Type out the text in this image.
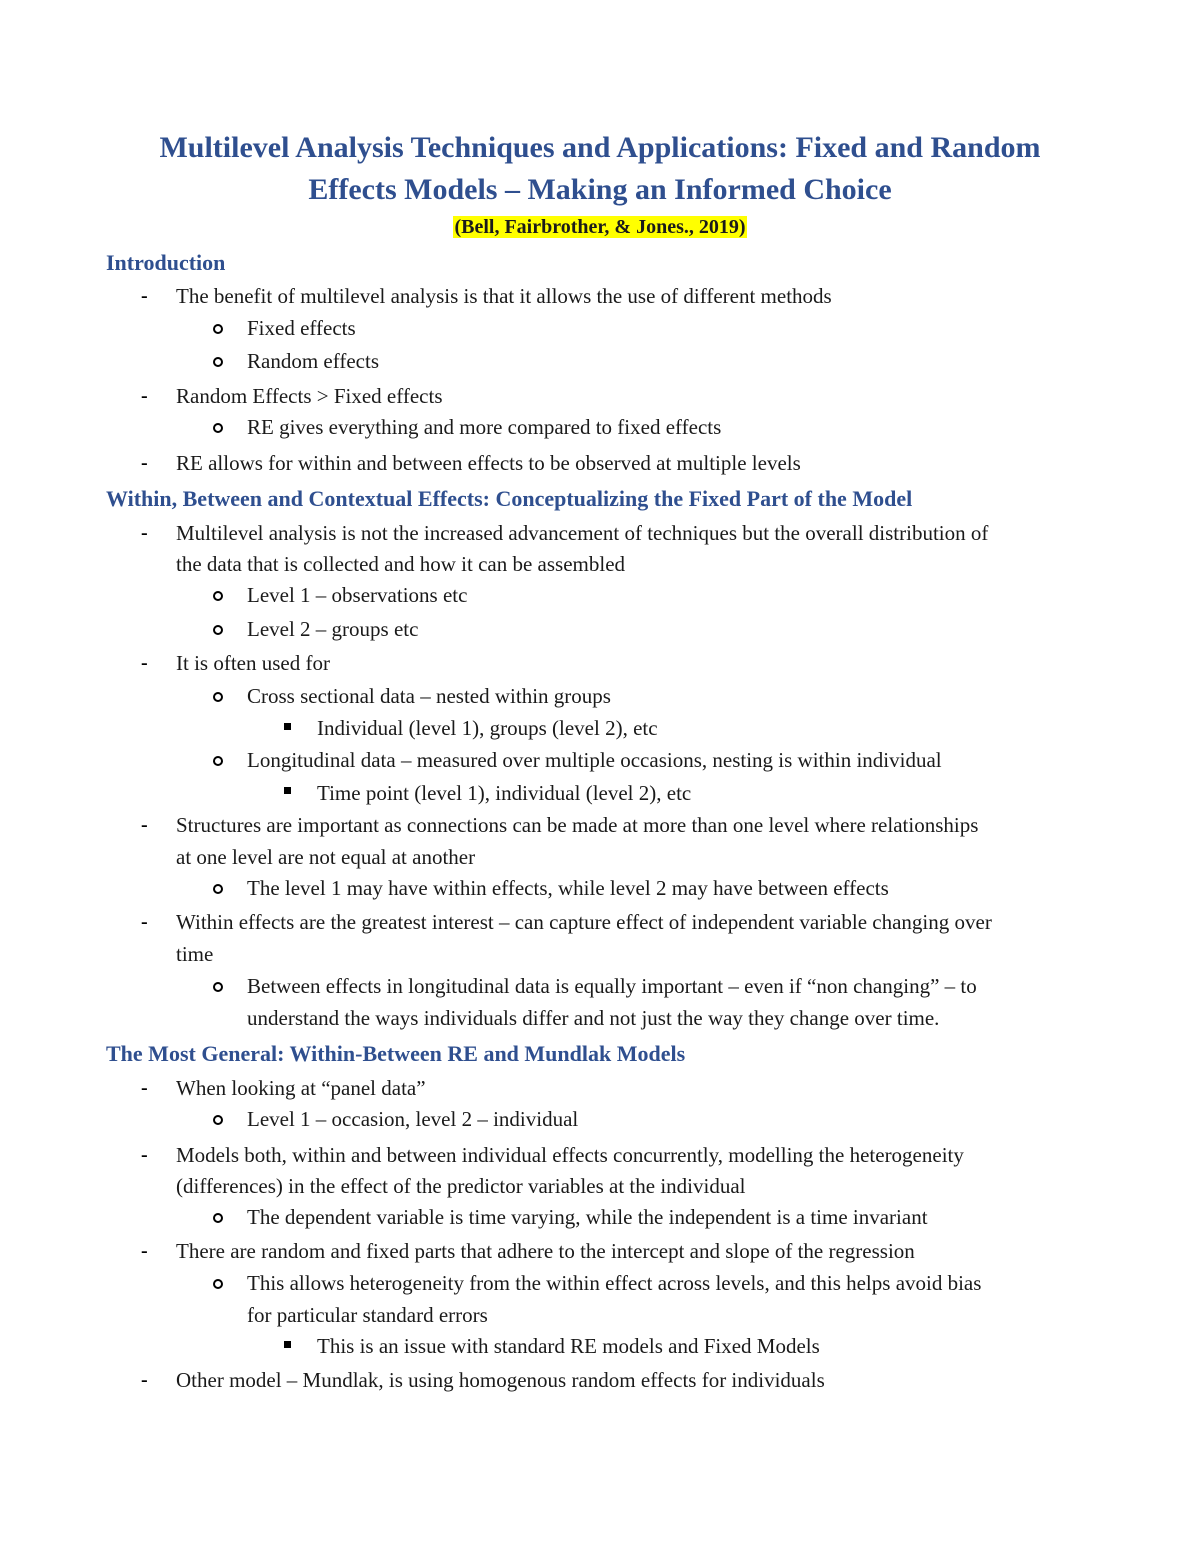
Multilevel Analysis Techniques and Applications: Fixed and Random
Effects Models – Making an Informed Choice
(Bell, Fairbrother, & Jones., 2019)
Introduction
- The benefit of multilevel analysis is that it allows the use of different methods
Fixed effects
Random effects
- Random Effects > Fixed effects
RE gives everything and more compared to fixed effects
- RE allows for within and between effects to be observed at multiple levels
Within, Between and Contextual Effects: Conceptualizing the Fixed Part of the Model
- Multilevel analysis is not the increased advancement of techniques but the overall distribution of
the data that is collected and how it can be assembled
Level 1 – observations etc
Level 2 – groups etc
- It is often used for
Cross sectional data – nested within groups
Individual (level 1), groups (level 2), etc
Longitudinal data – measured over multiple occasions, nesting is within individual
Time point (level 1), individual (level 2), etc
- Structures are important as connections can be made at more than one level where relationships
at one level are not equal at another
The level 1 may have within effects, while level 2 may have between effects
- Within effects are the greatest interest – can capture effect of independent variable changing over
time
Between effects in longitudinal data is equally important – even if “non changing” – to
understand the ways individuals differ and not just the way they change over time.
The Most General: Within-Between RE and Mundlak Models
- When looking at “panel data”
Level 1 – occasion, level 2 – individual
- Models both, within and between individual effects concurrently, modelling the heterogeneity
(differences) in the effect of the predictor variables at the individual
The dependent variable is time varying, while the independent is a time invariant
- There are random and fixed parts that adhere to the intercept and slope of the regression
This allows heterogeneity from the within effect across levels, and this helps avoid bias
for particular standard errors
This is an issue with standard RE models and Fixed Models
- Other model – Mundlak, is using homogenous random effects for individuals
